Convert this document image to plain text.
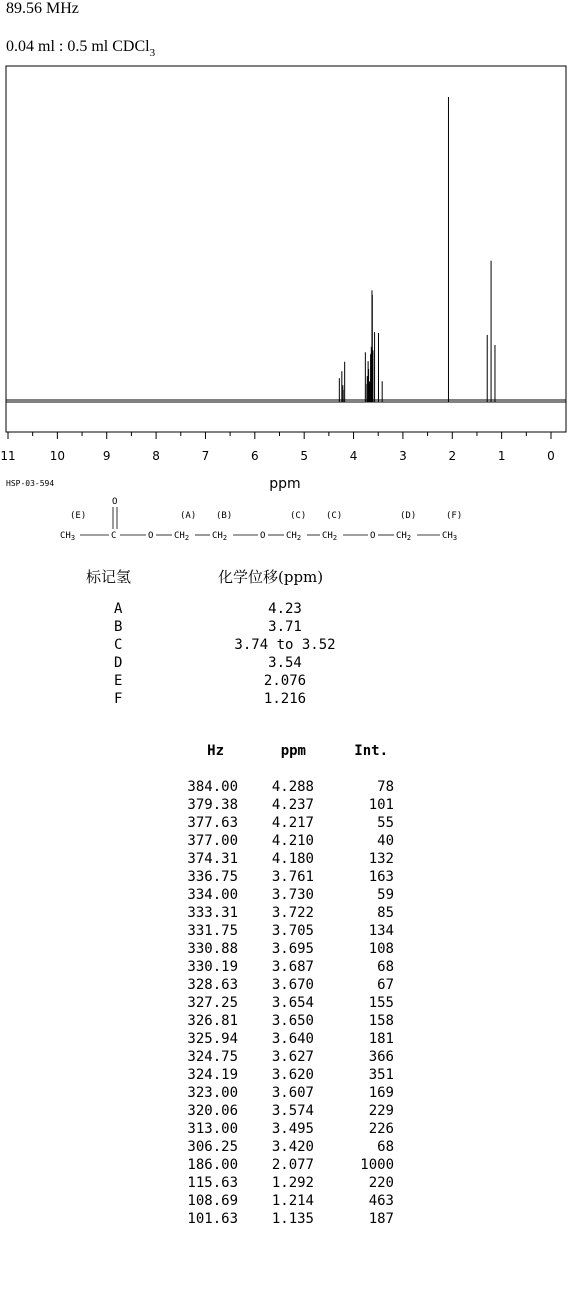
89.56 MHz
0.04 ml : 0.5 ml CDCl$_3$
11	10	9	8	7	6	5	4	3	2	1	0
ppm
HSP-03-594
(E)	(A) (B)	(C) (C)	(D)	(F)
O
$CH_3$	C	O $CH_2$	$CH_2$	O $CH_2$ $CH_2$	O $CH_2$	$CH_3$
标记氢	化学位移(ppm)
A	4.23
B	3.71
C	3.74 to 3.52
D	3.54
E	2.076
F	1.216
Hz	ppm	Int.
384.00	4.288	78
379.38	4.237	101
377.63	4.217	55
377.00	4.210	40
374.31	4.180	132
336.75	3.761	163
334.00	3.730	59
333.31	3.722	85
331.75	3.705	134
330.88	3.695	108
330.19	3.687	68
328.63	3.670	67
327.25	3.654	155
326.81	3.650	158
325.94	3.640	181
324.75	3.627	366
324.19	3.620	351
323.00	3.607	169
320.06	3.574	229
313.00	3.495	226
306.25	3.420	68
186.00	2.077	1000
115.63	1.292	220
108.69	1.214	463
101.63	1.135	187
